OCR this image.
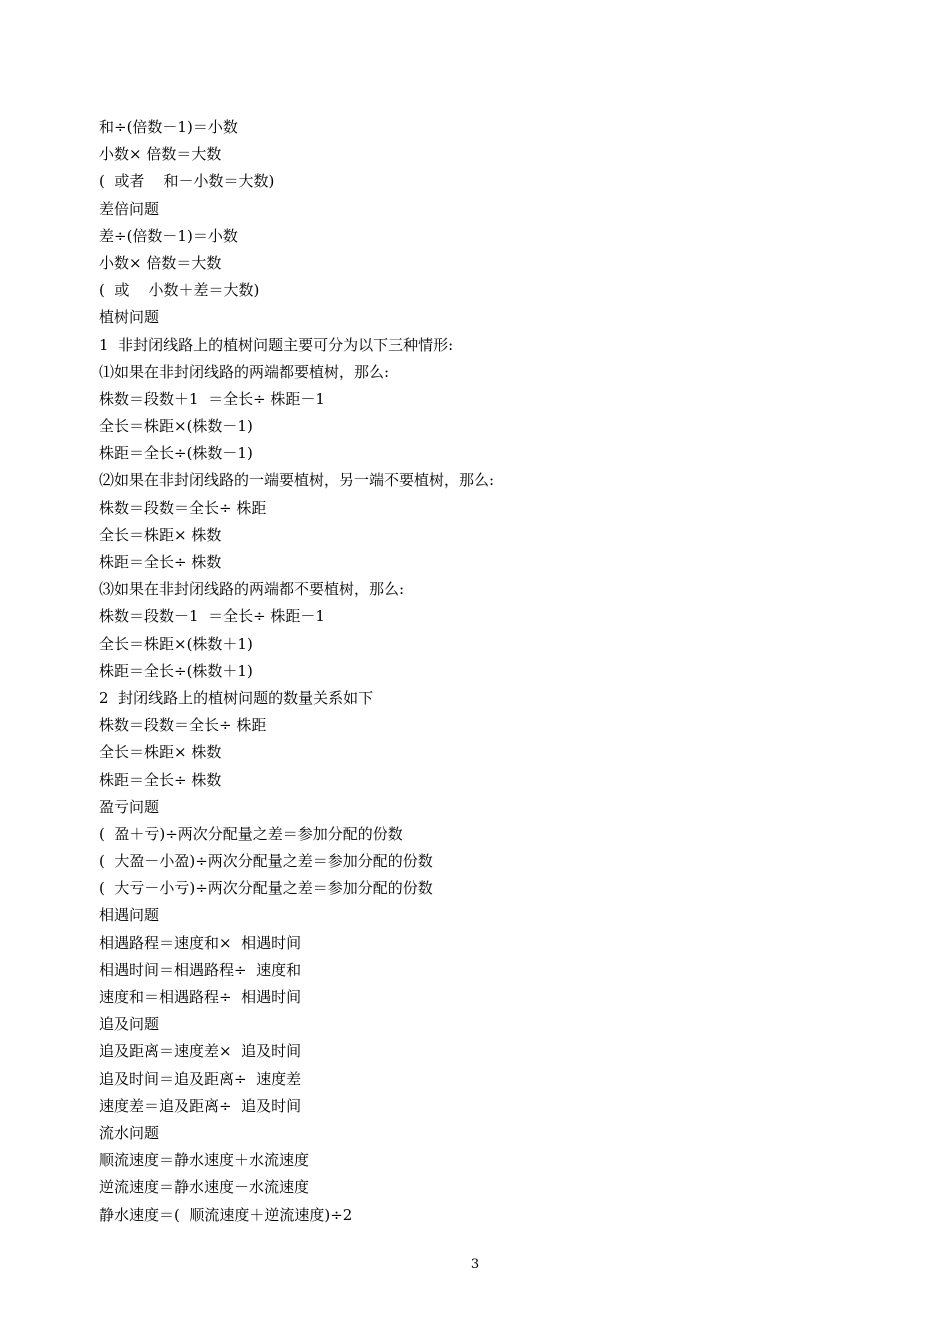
和÷(倍数－1)＝小数
小数× 倍数＝大数
(  或者    和－小数＝大数)
差倍问题
差÷(倍数－1)＝小数
小数× 倍数＝大数
(  或    小数＋差＝大数)
植树问题
1  非封闭线路上的植树问题主要可分为以下三种情形:
⑴如果在非封闭线路的两端都要植树，那么:
株数＝段数＋1  ＝全长÷ 株距－1
全长＝株距×(株数－1)
株距＝全长÷(株数－1)
⑵如果在非封闭线路的一端要植树，另一端不要植树，那么:
株数＝段数＝全长÷ 株距
全长＝株距× 株数
株距＝全长÷ 株数
⑶如果在非封闭线路的两端都不要植树，那么:
株数＝段数－1  ＝全长÷ 株距－1
全长＝株距×(株数＋1)
株距＝全长÷(株数＋1)
2  封闭线路上的植树问题的数量关系如下
株数＝段数＝全长÷ 株距
全长＝株距× 株数
株距＝全长÷ 株数
盈亏问题
(  盈＋亏)÷两次分配量之差＝参加分配的份数
(  大盈－小盈)÷两次分配量之差＝参加分配的份数
(  大亏－小亏)÷两次分配量之差＝参加分配的份数
相遇问题
相遇路程＝速度和×  相遇时间
相遇时间＝相遇路程÷  速度和
速度和＝相遇路程÷  相遇时间
追及问题
追及距离＝速度差×  追及时间
追及时间＝追及距离÷  速度差
速度差＝追及距离÷  追及时间
流水问题
顺流速度＝静水速度＋水流速度
逆流速度＝静水速度－水流速度
静水速度＝(  顺流速度＋逆流速度)÷2
3
